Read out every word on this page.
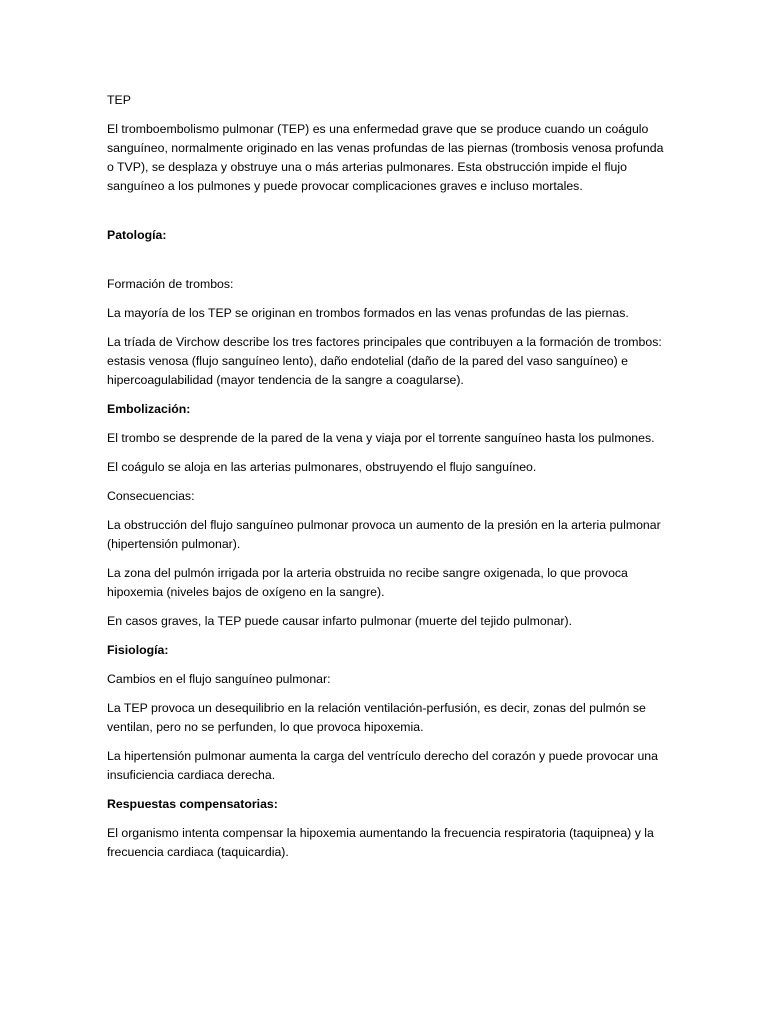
TEP

El tromboembolismo pulmonar (TEP) es una enfermedad grave que se produce cuando un coágulo sanguíneo, normalmente originado en las venas profundas de las piernas (trombosis venosa profunda o TVP), se desplaza y obstruye una o más arterias pulmonares. Esta obstrucción impide el flujo sanguíneo a los pulmones y puede provocar complicaciones graves e incluso mortales.

Patología:

Formación de trombos:

La mayoría de los TEP se originan en trombos formados en las venas profundas de las piernas.

La tríada de Virchow describe los tres factores principales que contribuyen a la formación de trombos: estasis venosa (flujo sanguíneo lento), daño endotelial (daño de la pared del vaso sanguíneo) e hipercoagulabilidad (mayor tendencia de la sangre a coagularse).

Embolización:

El trombo se desprende de la pared de la vena y viaja por el torrente sanguíneo hasta los pulmones.

El coágulo se aloja en las arterias pulmonares, obstruyendo el flujo sanguíneo.

Consecuencias:

La obstrucción del flujo sanguíneo pulmonar provoca un aumento de la presión en la arteria pulmonar (hipertensión pulmonar).

La zona del pulmón irrigada por la arteria obstruida no recibe sangre oxigenada, lo que provoca hipoxemia (niveles bajos de oxígeno en la sangre).

En casos graves, la TEP puede causar infarto pulmonar (muerte del tejido pulmonar).

Fisiología:

Cambios en el flujo sanguíneo pulmonar:

La TEP provoca un desequilibrio en la relación ventilación-perfusión, es decir, zonas del pulmón se ventilan, pero no se perfunden, lo que provoca hipoxemia.

La hipertensión pulmonar aumenta la carga del ventrículo derecho del corazón y puede provocar una insuficiencia cardiaca derecha.

Respuestas compensatorias:

El organismo intenta compensar la hipoxemia aumentando la frecuencia respiratoria (taquipnea) y la frecuencia cardiaca (taquicardia).
